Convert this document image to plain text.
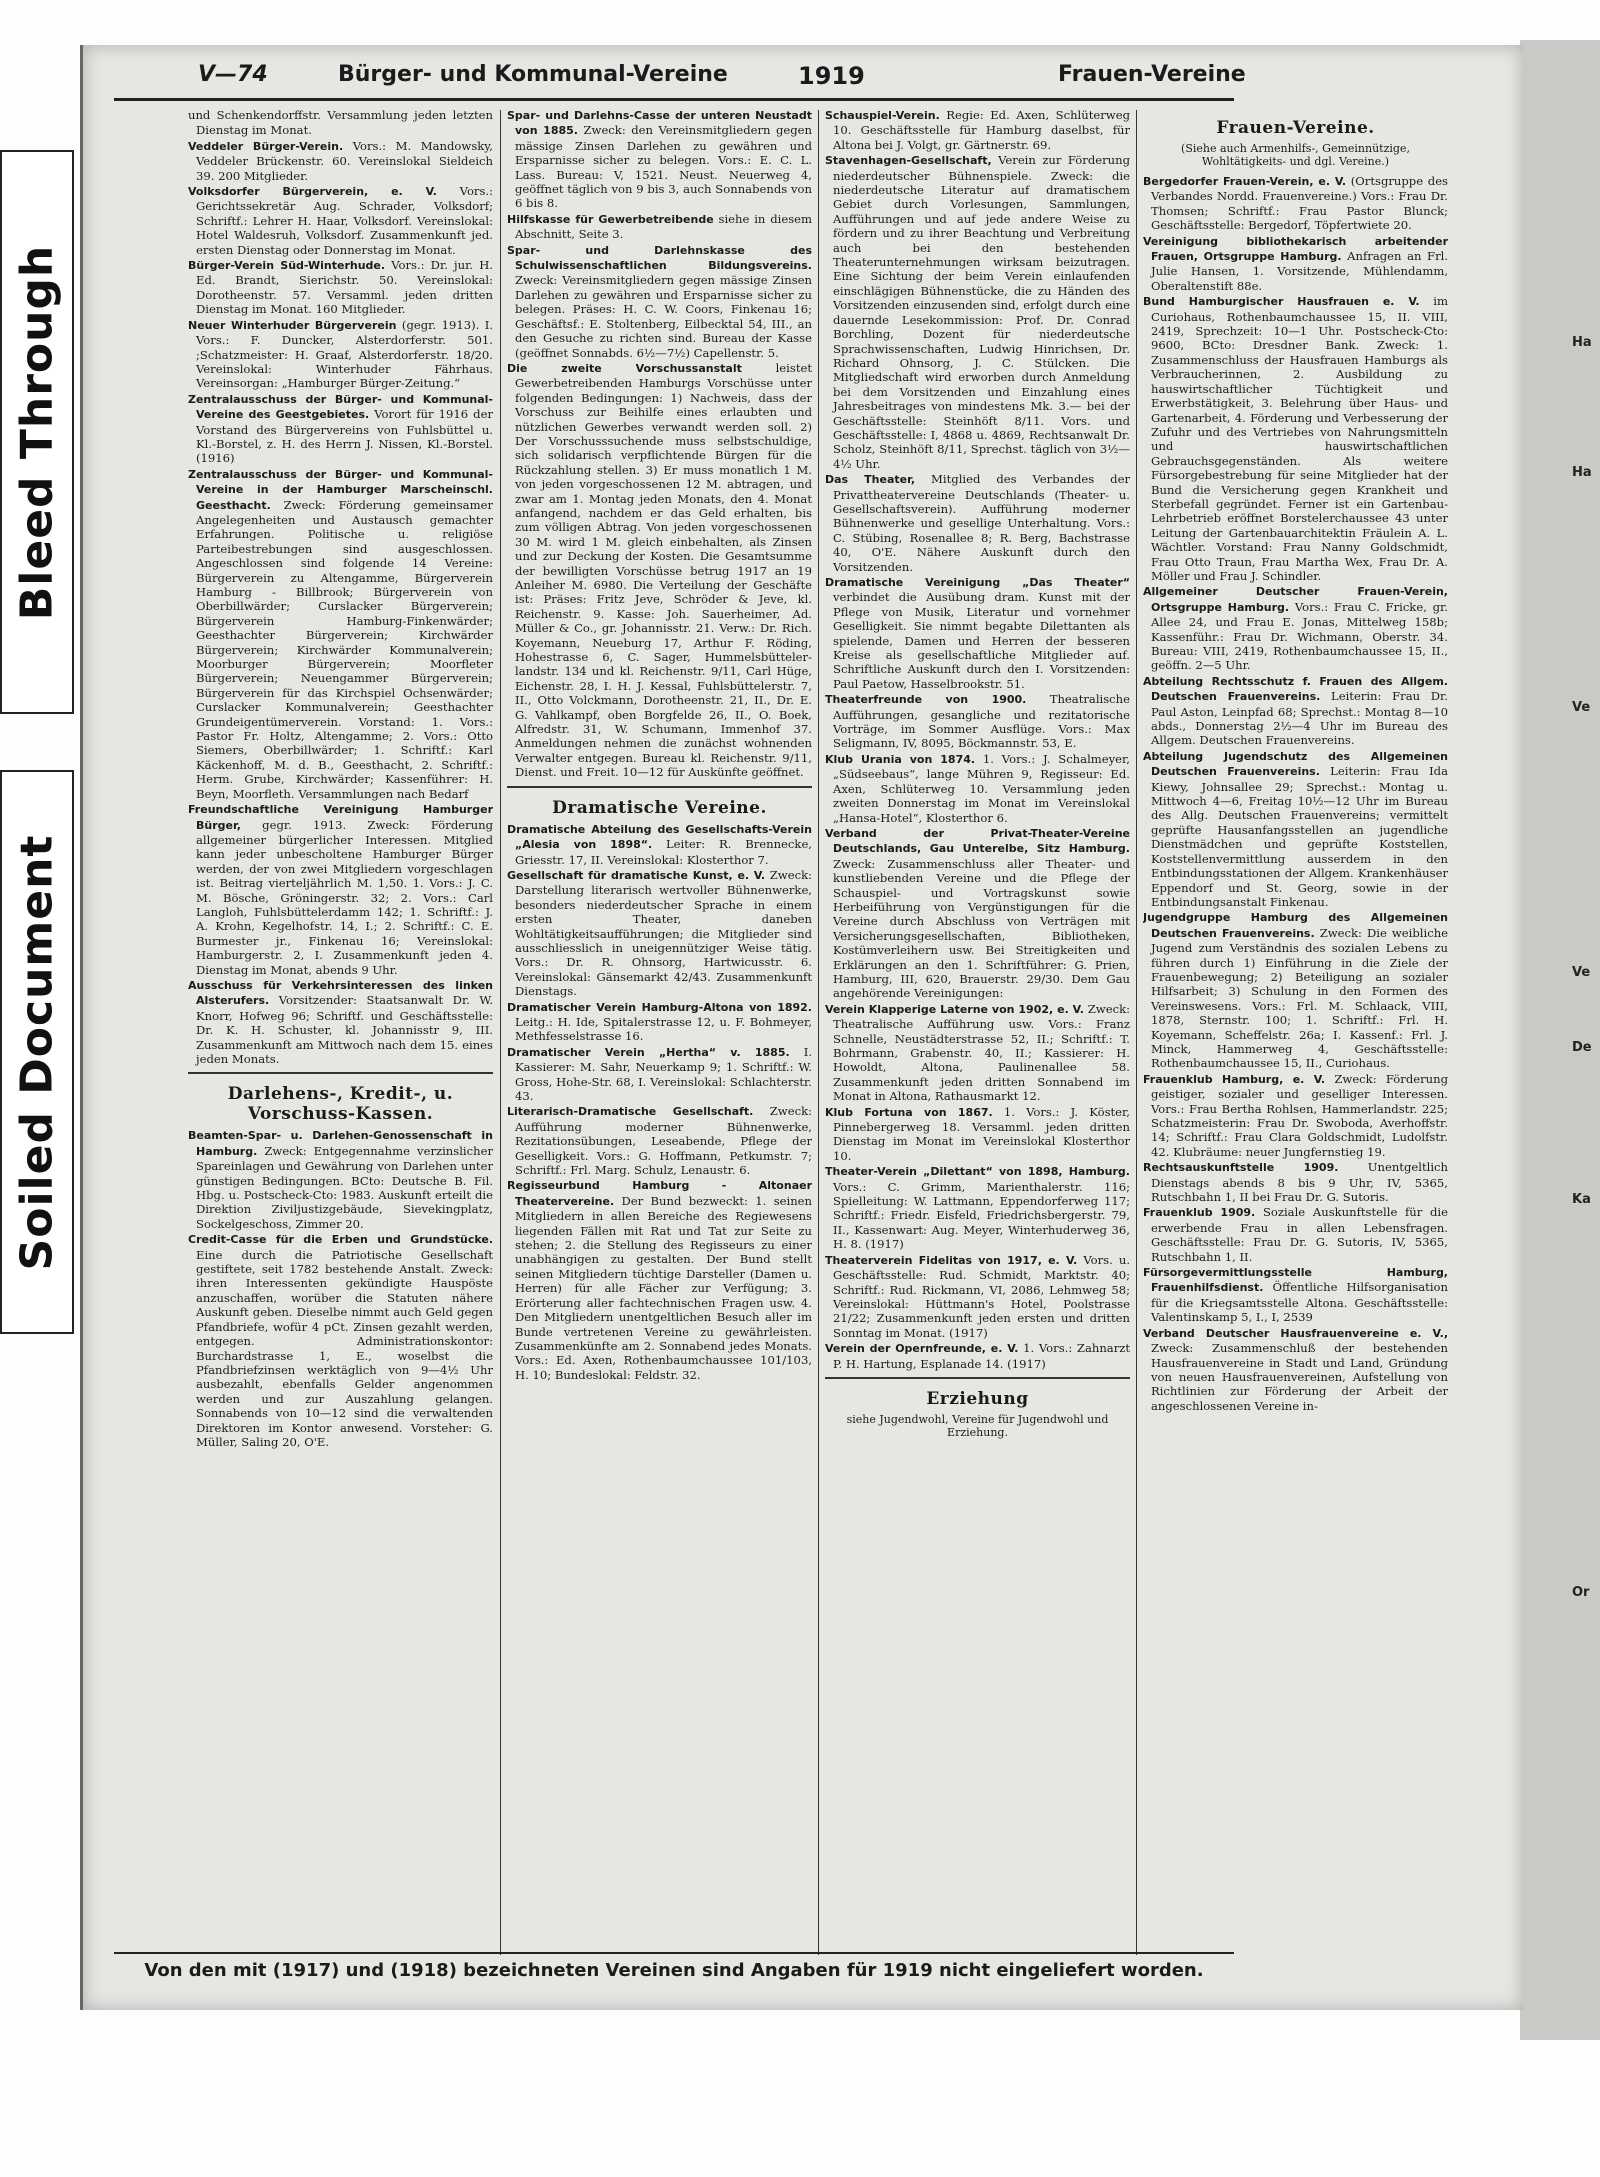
Bleed Through
Soiled Document
Ha
Ha
Ve
Ve
De
Ka
Or
V—74	Bürger- und Kommunal-Vereine	1919	Frauen-Vereine

und Schenkendorffstr. Versammlung jeden letzten Dienstag im Monat.

Veddeler Bürger-Verein. Vors.: M. Mandowsky, Veddeler Brückenstr. 60. Vereinslokal Sieldeich 39. 200 Mitglieder.

Volksdorfer Bürgerverein, e. V. Vors.: Gerichtssekretär Aug. Schrader, Volksdorf; Schriftf.: Lehrer H. Haar, Volksdorf. Vereinslokal: Hotel Waldesruh, Volksdorf. Zusammenkunft jed. ersten Dienstag oder Donnerstag im Monat.

Bürger-Verein Süd-Winterhude. Vors.: Dr. jur. H. Ed. Brandt, Sierichstr. 50. Vereinslokal: Dorotheenstr. 57. Versamml. jeden dritten Dienstag im Monat. 160 Mitglieder.

Neuer Winterhuder Bürgerverein (gegr. 1913). I. Vors.: F. Duncker, Alsterdorferstr. 501. ;Schatzmeister: H. Graaf, Alsterdorferstr. 18/20. Vereinslokal: Winterhuder Fährhaus. Vereinsorgan: „Hamburger Bürger-Zeitung.“

Zentralausschuss der Bürger- und Kommunal-Vereine des Geestgebietes. Vorort für 1916 der Vorstand des Bürgervereins von Fuhlsbüttel u. Kl.-Borstel, z. H. des Herrn J. Nissen, Kl.-Borstel. (1916)

Zentralausschuss der Bürger- und Kommunal-Vereine in der Hamburger Marscheinschl. Geesthacht. Zweck: Förderung gemeinsamer Angelegenheiten und Austausch gemachter Erfahrungen. Politische u. religiöse Parteibestrebungen sind ausgeschlossen. Angeschlossen sind folgende 14 Vereine: Bürgerverein zu Altengamme, Bürgerverein Hamburg - Billbrook; Bürgerverein von Oberbillwärder; Curslacker Bürgerverein; Bürgerverein Hamburg-Finkenwärder; Geesthachter Bürgerverein; Kirchwärder Bürgerverein; Kirchwärder Kommunalverein; Moorburger Bürgerverein; Moorfleter Bürgerverein; Neuengammer Bürgerverein; Bürgerverein für das Kirchspiel Ochsenwärder; Curslacker Kommunalverein; Geesthachter Grundeigentümerverein. Vorstand: 1. Vors.: Pastor Fr. Holtz, Altengamme; 2. Vors.: Otto Siemers, Oberbillwärder; 1. Schriftf.: Karl Käckenhoff, M. d. B., Geesthacht, 2. Schriftf.: Herm. Grube, Kirchwärder; Kassenführer: H. Beyn, Moorfleth. Versammlungen nach Bedarf

Freundschaftliche Vereinigung Hamburger Bürger, gegr. 1913. Zweck: Förderung allgemeiner bürgerlicher Interessen. Mitglied kann jeder unbescholtene Hamburger Bürger werden, der von zwei Mitgliedern vorgeschlagen ist. Beitrag vierteljährlich M. 1,50. 1. Vors.: J. C. M. Bösche, Gröningerstr. 32; 2. Vors.: Carl Langloh, Fuhlsbüttelerdamm 142; 1. Schriftf.: J. A. Krohn, Kegelhofstr. 14, I.; 2. Schriftf.: C. E. Burmester jr., Finkenau 16; Vereinslokal: Hamburgerstr. 2, I. Zusammenkunft jeden 4. Dienstag im Monat, abends 9 Uhr.

Ausschuss für Verkehrsinteressen des linken Alsterufers. Vorsitzender: Staatsanwalt Dr. W. Knorr, Hofweg 96; Schriftf. und Geschäftsstelle: Dr. K. H. Schuster, kl. Johannisstr 9, III. Zusammenkunft am Mittwoch nach dem 15. eines jeden Monats.

Darlehens-, Kredit-, u. Vorschuss-Kassen.

Beamten-Spar- u. Darlehen-Genossenschaft in Hamburg. Zweck: Entgegennahme verzinslicher Spareinlagen und Gewährung von Darlehen unter günstigen Bedingungen. BCto: Deutsche B. Fil. Hbg. u. Postscheck-Cto: 1983. Auskunft erteilt die Direktion Ziviljustizgebäude, Sievekingplatz, Sockelgeschoss, Zimmer 20.

Credit-Casse für die Erben und Grundstücke. Eine durch die Patriotische Gesellschaft gestiftete, seit 1782 bestehende Anstalt. Zweck: ihren Interessenten gekündigte Hauspöste anzuschaffen, worüber die Statuten nähere Auskunft geben. Dieselbe nimmt auch Geld gegen Pfandbriefe, wofür 4 pCt. Zinsen gezahlt werden, entgegen. Administrationskontor: Burchardstrasse 1, E., woselbst die Pfandbriefzinsen werktäglich von 9—4½ Uhr ausbezahlt, ebenfalls Gelder angenommen werden und zur Auszahlung gelangen. Sonnabends von 10—12 sind die verwaltenden Direktoren im Kontor anwesend. Vorsteher: G. Müller, Saling 20, O'E.

Spar- und Darlehns-Casse der unteren Neustadt von 1885. Zweck: den Vereinsmitgliedern gegen mässige Zinsen Darlehen zu gewähren und Ersparnisse sicher zu belegen. Vors.: E. C. L. Lass. Bureau: V, 1521. Neust. Neuerweg 4, geöffnet täglich von 9 bis 3, auch Sonnabends von 6 bis 8.

Hilfskasse für Gewerbetreibende siehe in diesem Abschnitt, Seite 3.

Spar- und Darlehnskasse des Schulwissenschaftlichen Bildungsvereins. Zweck: Vereinsmitgliedern gegen mässige Zinsen Darlehen zu gewähren und Ersparnisse sicher zu belegen. Präses: H. C. W. Coors, Finkenau 16; Geschäftsf.: E. Stoltenberg, Eilbecktal 54, III., an den Gesuche zu richten sind. Bureau der Kasse (geöffnet Sonnabds. 6½—7½) Capellenstr. 5.

Die zweite Vorschussanstalt	leistet Gewerbetreibenden Hamburgs Vorschüsse unter folgenden Bedingungen: 1) Nachweis, dass der Vorschuss zur Beihilfe eines erlaubten und nützlichen Gewerbes verwandt werden soll. 2) Der Vorschusssuchende muss selbstschuldige, sich solidarisch verpflichtende Bürgen für die Rückzahlung stellen. 3) Er muss monatlich 1 M. von jeden vorgeschossenen 12 M. abtragen, und zwar am 1. Montag jeden Monats, den 4. Monat anfangend, nachdem er das Geld erhalten, bis zum völligen Abtrag. Von jeden vorgeschossenen 30 M. wird 1 M. gleich einbehalten, als Zinsen und zur Deckung der Kosten. Die Gesamtsumme der bewilligten Vorschüsse betrug 1917 an 19 Anleiher M. 6980. Die Verteilung der Geschäfte ist: Präses: Fritz Jeve, Schröder & Jeve, kl. Reichenstr. 9. Kasse: Joh. Sauerheimer, Ad. Müller & Co., gr. Johannisstr. 21. Verw.: Dr. Rich. Koyemann, Neueburg 17, Arthur F. Röding, Hohestrasse 6, C. Sager, Hummelsbütteler-landstr. 134 und kl. Reichenstr. 9/11, Carl Hüge, Eichenstr. 28, I. H. J. Kessal, Fuhlsbüttelerstr. 7, II., Otto Volckmann, Dorotheenstr. 21, II., Dr. E. G. Vahlkampf, oben Borgfelde 26, II., O. Boek, Alfredstr. 31, W. Schumann, Immenhof 37. Anmeldungen nehmen die zunächst wohnenden Verwalter entgegen. Bureau kl. Reichenstr. 9/11, Dienst. und Freit. 10—12 für Auskünfte geöffnet.

Dramatische Vereine.

Dramatische Abteilung des Gesellschafts-Verein „Alesia von 1898“. Leiter: R. Brennecke, Griesstr. 17, II. Vereinslokal: Klosterthor 7.

Gesellschaft für dramatische Kunst, e. V. Zweck: Darstellung literarisch wertvoller Bühnenwerke, besonders niederdeutscher Sprache in einem ersten Theater, daneben Wohltätigkeitsaufführungen; die Mitglieder sind ausschliesslich in uneigennütziger Weise tätig. Vors.: Dr. R. Ohnsorg, Hartwicusstr. 6. Vereinslokal: Gänsemarkt 42/43. Zusammenkunft Dienstags.

Dramatischer Verein Hamburg-Altona von 1892. Leitg.: H. Ide, Spitalerstrasse 12, u. F. Bohmeyer, Methfesselstrasse 16.

Dramatischer Verein „Hertha“ v. 1885. I. Kassierer: M. Sahr, Neuerkamp 9; 1. Schriftf.: W. Gross, Hohe-Str. 68, I. Vereinslokal: Schlachterstr. 43.

Literarisch-Dramatische Gesellschaft. Zweck: Aufführung moderner Bühnenwerke, Rezitationsübungen, Leseabende, Pflege der Geselligkeit. Vors.: G. Hoffmann, Petkumstr. 7; Schriftf.: Frl. Marg. Schulz, Lenaustr. 6.

Regisseurbund Hamburg - Altonaer Theatervereine. Der Bund bezweckt: 1. seinen Mitgliedern in allen Bereiche des Regiewesens liegenden Fällen mit Rat und Tat zur Seite zu stehen; 2. die Stellung des Regisseurs zu einer unabhängigen zu gestalten. Der Bund stellt seinen Mitgliedern tüchtige Darsteller (Damen u. Herren) für alle Fächer zur Verfügung; 3. Erörterung aller fachtechnischen Fragen usw. 4. Den Mitgliedern unentgeltlichen Besuch aller im Bunde vertretenen Vereine zu gewährleisten. Zusammenkünfte am 2. Sonnabend jedes Monats. Vors.: Ed. Axen, Rothenbaumchaussee 101/103, H. 10; Bundeslokal: Feldstr. 32.

Schauspiel-Verein. Regie: Ed. Axen, Schlüterweg 10. Geschäftsstelle für Hamburg daselbst, für Altona bei J. Volgt, gr. Gärtnerstr. 69.

Stavenhagen-Gesellschaft, Verein zur Förderung niederdeutscher Bühnenspiele. Zweck: die niederdeutsche Literatur auf dramatischem Gebiet durch Vorlesungen, Sammlungen, Aufführungen und auf jede andere Weise zu fördern und zu ihrer Beachtung und Verbreitung auch bei den bestehenden Theaterunternehmungen wirksam beizutragen. Eine Sichtung der beim Verein einlaufenden einschlägigen Bühnenstücke, die zu Händen des Vorsitzenden einzusenden sind, erfolgt durch eine dauernde Lesekommission: Prof. Dr. Conrad Borchling, Dozent für niederdeutsche Sprachwissenschaften, Ludwig Hinrichsen, Dr. Richard Ohnsorg, J. C. Stülcken. Die Mitgliedschaft wird erworben durch Anmeldung bei dem Vorsitzenden und Einzahlung eines Jahresbeitrages von mindestens Mk. 3.— bei der Geschäftsstelle: Steinhöft 8/11. Vors. und Geschäftsstelle: I, 4868 u. 4869, Rechtsanwalt Dr. Scholz, Steinhöft 8/11, Sprechst. täglich von 3½—4½ Uhr.

Das Theater, Mitglied des Verbandes der Privattheatervereine Deutschlands (Theater- u. Gesellschaftsverein). Aufführung moderner Bühnenwerke und gesellige Unterhaltung. Vors.: C. Stübing, Rosenallee 8; R. Berg, Bachstrasse 40, O'E. Nähere Auskunft durch den Vorsitzenden.

Dramatische Vereinigung „Das Theater“ verbindet die Ausübung dram. Kunst mit der Pflege von Musik, Literatur und vornehmer Geselligkeit. Sie nimmt begabte Dilettanten als spielende, Damen und Herren der besseren Kreise als gesellschaftliche Mitglieder auf. Schriftliche Auskunft durch den I. Vorsitzenden: Paul Paetow, Hasselbrookstr. 51.

Theaterfreunde von 1900. Theatralische Aufführungen, gesangliche und rezitatorische Vorträge, im Sommer Ausflüge. Vors.: Max Seligmann, IV, 8095, Böckmannstr. 53, E.

Klub Urania von 1874. 1. Vors.: J. Schalmeyer, „Südseebaus“, lange Mühren 9, Regisseur: Ed. Axen, Schlüterweg 10. Versammlung jeden zweiten Donnerstag im Monat im Vereinslokal „Hansa-Hotel“, Klosterthor 6.

Verband der Privat-Theater-Vereine Deutschlands, Gau Unterelbe, Sitz Hamburg. Zweck: Zusammenschluss aller Theater- und kunstliebenden Vereine und die Pflege der Schauspiel- und Vortragskunst sowie Herbeiführung von Vergünstigungen für die Vereine durch Abschluss von Verträgen mit Versicherungsgesellschaften, Bibliotheken, Kostümverleihern usw. Bei Streitigkeiten und Erklärungen an den 1. Schriftführer: G. Prien, Hamburg, III, 620, Brauerstr. 29/30. Dem Gau angehörende Vereinigungen:

Verein Klapperige Laterne von 1902, e. V. Zweck: Theatralische Aufführung usw. Vors.: Franz Schnelle, Neustädterstrasse 52, II.; Schriftf.: T. Bohrmann, Grabenstr. 40, II.; Kassierer: H. Howoldt, Altona, Paulinenallee 58. Zusammenkunft jeden dritten Sonnabend im Monat in Altona, Rathausmarkt 12.

Klub Fortuna von 1867. 1. Vors.: J. Köster, Pinnebergerweg 18. Versamml. jeden dritten Dienstag im Monat im Vereinslokal Klosterthor 10.

Theater-Verein „Dilettant“ von 1898, Hamburg. Vors.: C. Grimm, Marienthalerstr. 116; Spielleitung: W. Lattmann, Eppendorferweg 117; Schriftf.: Friedr. Eisfeld, Friedrichsbergerstr. 79, II., Kassenwart: Aug. Meyer, Winterhuderweg 36, H. 8. (1917)

Theaterverein Fidelitas von 1917, e. V. Vors. u. Geschäftsstelle: Rud. Schmidt, Marktstr. 40; Schriftf.: Rud. Rickmann, VI, 2086, Lehmweg 58; Vereinslokal: Hüttmann's Hotel, Poolstrasse 21/22; Zusammenkunft jeden ersten und dritten Sonntag im Monat. (1917)

Verein der Opernfreunde, e. V. 1. Vors.: Zahnarzt P. H. Hartung, Esplanade 14. (1917)

Erziehung
siehe Jugendwohl, Vereine für Jugendwohl und Erziehung.
Frauen-Vereine.
(Siehe auch Armenhilfs-, Gemeinnützige, Wohltätigkeits- und dgl. Vereine.)

Bergedorfer Frauen-Verein, e. V. (Ortsgruppe des Verbandes Nordd. Frauenvereine.) Vors.: Frau Dr. Thomsen; Schriftf.: Frau Pastor Blunck; Geschäftsstelle: Bergedorf, Töpfertwiete 20.

Vereinigung bibliothekarisch arbeitender Frauen, Ortsgruppe Hamburg. Anfragen an Frl. Julie Hansen, 1. Vorsitzende, Mühlendamm, Oberaltenstift 88e.

Bund Hamburgischer Hausfrauen e. V. im Curiohaus, Rothenbaumchaussee 15, II. VIII, 2419, Sprechzeit: 10—1 Uhr. Postscheck-Cto: 9600, BCto: Dresdner Bank. Zweck: 1. Zusammenschluss der Hausfrauen Hamburgs als Verbraucherinnen, 2. Ausbildung zu hauswirtschaftlicher Tüchtigkeit und Erwerbstätigkeit, 3. Belehrung über Haus- und Gartenarbeit, 4. Förderung und Verbesserung der Zufuhr und des Vertriebes von Nahrungsmitteln und hauswirtschaftlichen Gebrauchsgegenständen. Als weitere Fürsorgebestrebung für seine Mitglieder hat der Bund die Versicherung gegen Krankheit und Sterbefall gegründet. Ferner ist ein Gartenbau-Lehrbetrieb eröffnet Borstelerchaussee 43 unter Leitung der Gartenbauarchitektin Fräulein A. L. Wächtler. Vorstand: Frau Nanny Goldschmidt, Frau Otto Traun, Frau Martha Wex, Frau Dr. A. Möller und Frau J. Schindler.

Allgemeiner Deutscher Frauen-Verein, Ortsgruppe Hamburg. Vors.: Frau C. Fricke, gr. Allee 24, und Frau E. Jonas, Mittelweg 158b; Kassenführ.: Frau Dr. Wichmann, Oberstr. 34. Bureau: VIII, 2419, Rothenbaumchaussee 15, II., geöffn. 2—5 Uhr.

Abteilung Rechtsschutz f. Frauen des Allgem. Deutschen Frauenvereins. Leiterin: Frau Dr. Paul Aston, Leinpfad 68; Sprechst.: Montag 8—10 abds., Donnerstag 2½—4 Uhr im Bureau des Allgem. Deutschen Frauenvereins.

Abteilung Jugendschutz des Allgemeinen Deutschen Frauenvereins. Leiterin: Frau Ida Kiewy, Johnsallee 29; Sprechst.: Montag u. Mittwoch 4—6, Freitag 10½—12 Uhr im Bureau des Allg. Deutschen Frauenvereins; vermittelt geprüfte Hausanfangsstellen an jugendliche Dienstmädchen und geprüfte Koststellen, Koststellenvermittlung ausserdem in den Entbindungsstationen der Allgem. Krankenhäuser Eppendorf und St. Georg, sowie in der Entbindungsanstalt Finkenau.

Jugendgruppe Hamburg des Allgemeinen Deutschen Frauenvereins. Zweck: Die weibliche Jugend zum Verständnis des sozialen Lebens zu führen durch 1) Einführung in die Ziele der Frauenbewegung; 2) Beteiligung an sozialer Hilfsarbeit; 3) Schulung in den Formen des Vereinswesens. Vors.: Frl. M. Schlaack, VIII, 1878, Sternstr. 100; 1. Schriftf.: Frl. H. Koyemann, Scheffelstr. 26a; I. Kassenf.: Frl. J. Minck, Hammerweg 4, Geschäftsstelle: Rothenbaumchaussee 15, II., Curiohaus.

Frauenklub Hamburg, e. V. Zweck: Förderung geistiger, sozialer und geselliger Interessen. Vors.: Frau Bertha Rohlsen, Hammerlandstr. 225; Schatzmeisterin: Frau Dr. Swoboda, Averhoffstr. 14; Schriftf.: Frau Clara Goldschmidt, Ludolfstr. 42. Klubräume: neuer Jungfernstieg 19.

Rechtsauskunftstelle 1909.	Unentgeltlich Dienstags abends 8 bis 9 Uhr, IV, 5365, Rutschbahn 1, II bei Frau Dr. G. Sutoris.

Frauenklub 1909. Soziale Auskunftstelle für die erwerbende Frau in allen Lebensfragen. Geschäftsstelle: Frau Dr. G. Sutoris, IV, 5365, Rutschbahn 1, II.

Fürsorgevermittlungsstelle Hamburg, Frauenhilfsdienst. Öffentliche Hilfsorganisation für die Kriegsamtsstelle Altona. Geschäftsstelle: Valentinskamp 5, I., I, 2539

Verband Deutscher Hausfrauenvereine e. V., Zweck: Zusammenschluß der bestehenden Hausfrauenvereine in Stadt und Land, Gründung von neuen Hausfrauenvereinen, Aufstellung von Richtlinien zur Förderung der Arbeit der angeschlossenen Vereine in-

Von den mit (1917) und (1918) bezeichneten Vereinen sind Angaben für 1919 nicht eingeliefert worden.
